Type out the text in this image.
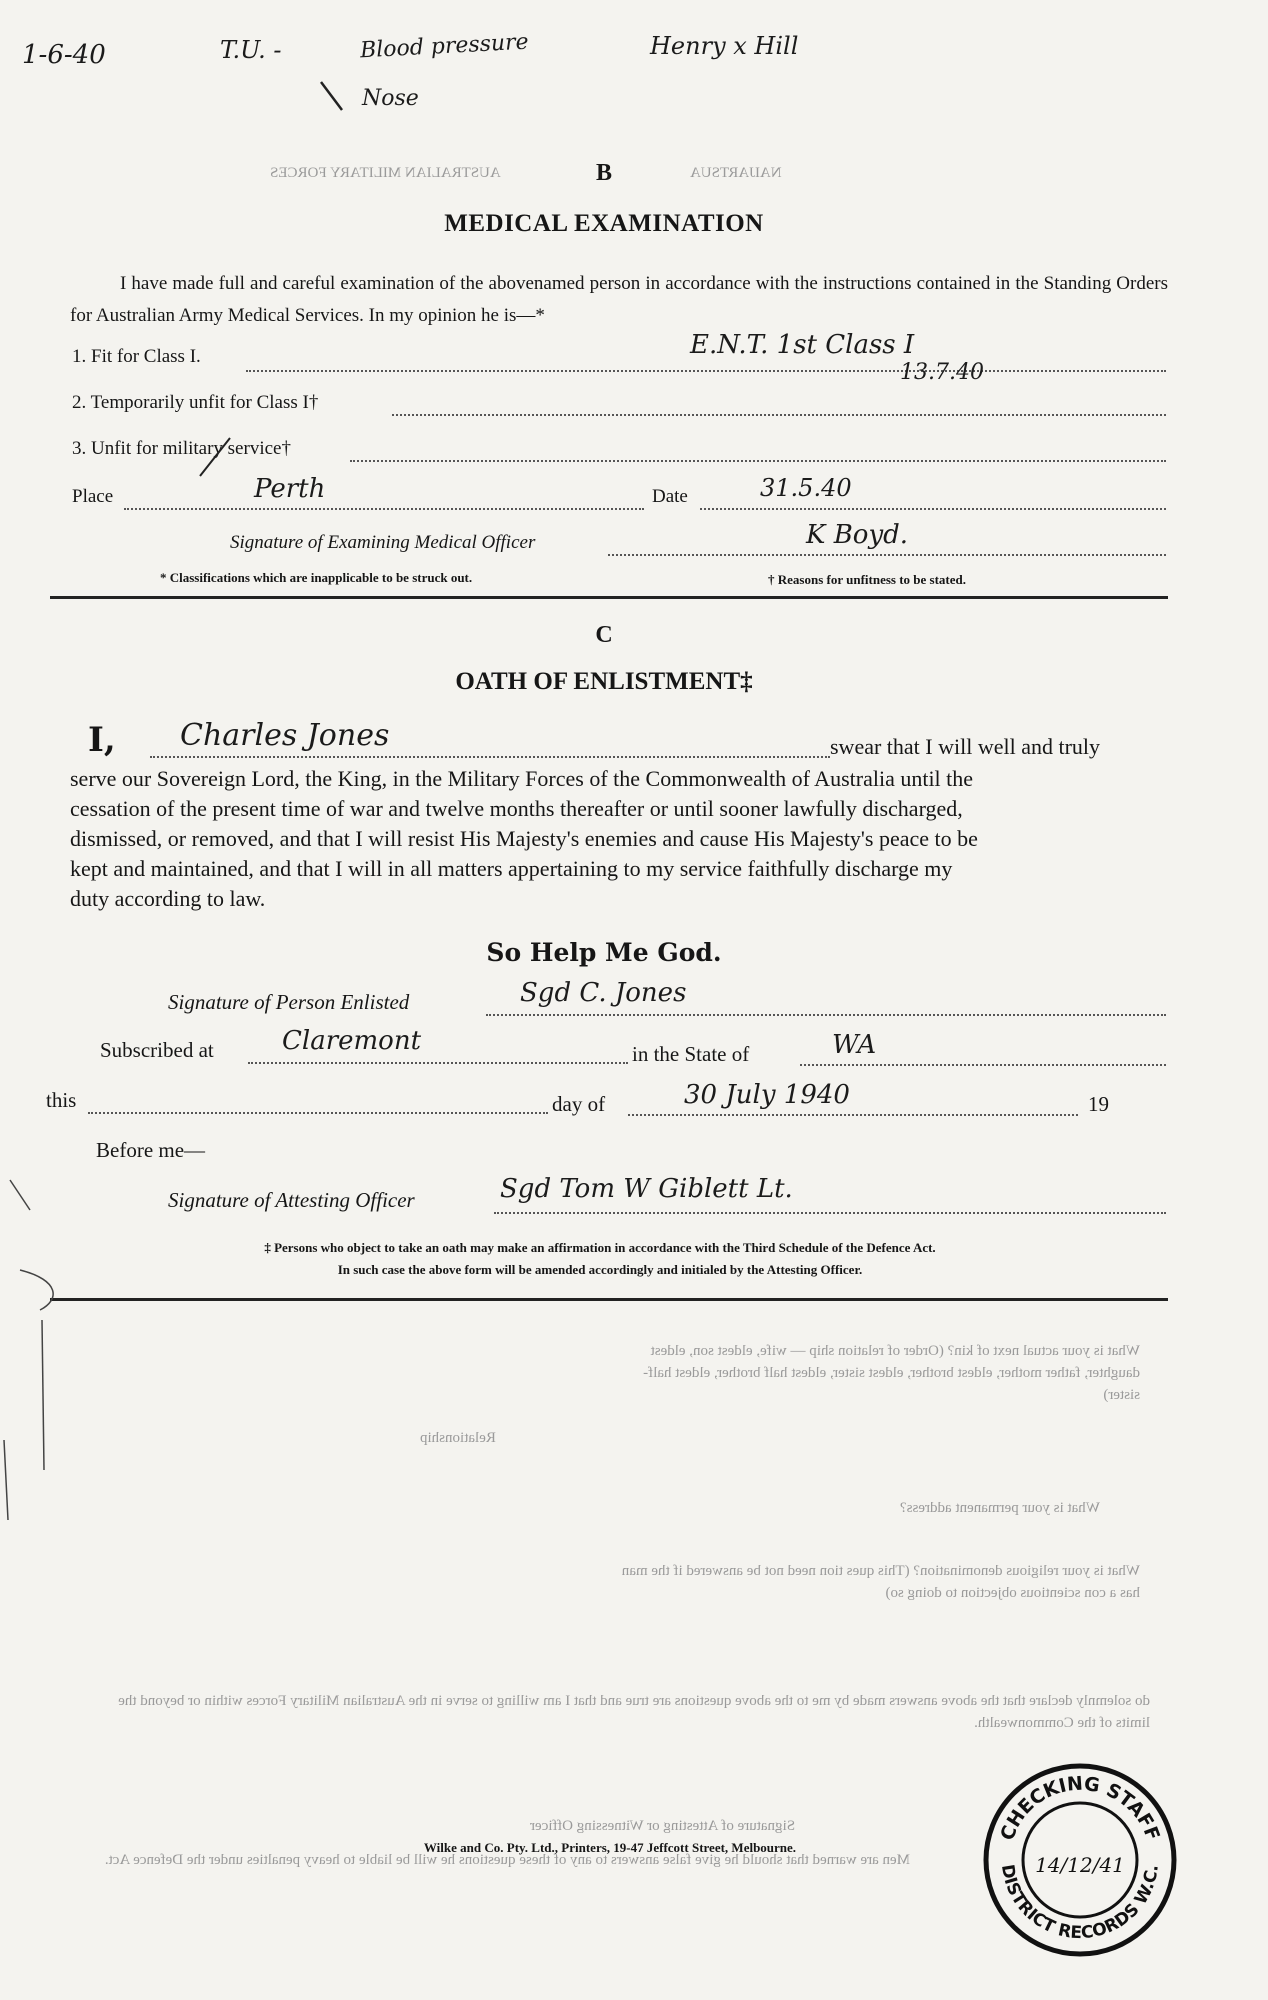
1-6-40	T.U. -	Blood pressure	Henry x Hill
Nose
AUSTRALIAN MILITARY FORCES	NAIJARTSUA
B
MEDICAL EXAMINATION
I have made full and careful examination of the abovenamed person in accordance with the instructions contained in the Standing Orders for Australian Army Medical Services. In my opinion he is—*
1. Fit for Class I.	E.N.T. 1st Class I
13.7.40
2. Temporarily unfit for Class I†
3. Unfit for military service†
Place	Perth	Date	31.5.40
Signature of Examining Medical Officer	K Boyd.
* Classifications which are inapplicable to be struck out.	† Reasons for unfitness to be stated.
C
OATH OF ENLISTMENT‡
I, Charles Jones	swear that I will well and truly
serve our Sovereign Lord, the King, in the Military Forces of the Commonwealth of Australia until the
cessation of the present time of war and twelve months thereafter or until sooner lawfully discharged,
dismissed, or removed, and that I will resist His Majesty's enemies and cause His Majesty's peace to be
kept and maintained, and that I will in all matters appertaining to my service faithfully discharge my
duty according to law.
So Help Me God.
Signature of Person Enlisted	Sgd C. Jones
Subscribed at	Claremont	in the State of	WA
this	day of	30 July 1940	19
Before me—
Signature of Attesting Officer	Sgd Tom W Giblett Lt.
‡ Persons who object to take an oath may make an affirmation in accordance with the Third Schedule of the Defence Act.
In such case the above form will be amended accordingly and initialed by the Attesting Officer.
What is your actual next of kin? (Order of relation ship — wife, eldest son, eldest daughter, father mother, eldest brother, eldest sister, eldest half brother, eldest half-sister)
Relationship
What is your permanent address?
What is your religious denomination? (This ques tion need not be answered if the man has a con scientious objection to doing so)
do solemnly declare that the above answers made by me to the above questions are true and that I am willing to serve in the Australian Military Forces within or beyond the limits of the Commonwealth.
Signature of Attesting or Witnessing Officer
Men are warned that should he give false answers to any of these questions he will be liable to heavy penalties under the Defence Act.
Wilke and Co. Pty. Ltd., Printers, 19-47 Jeffcott Street, Melbourne.
CHECKING STAFF
DISTRICT RECORDS W.C.
14/12/41
